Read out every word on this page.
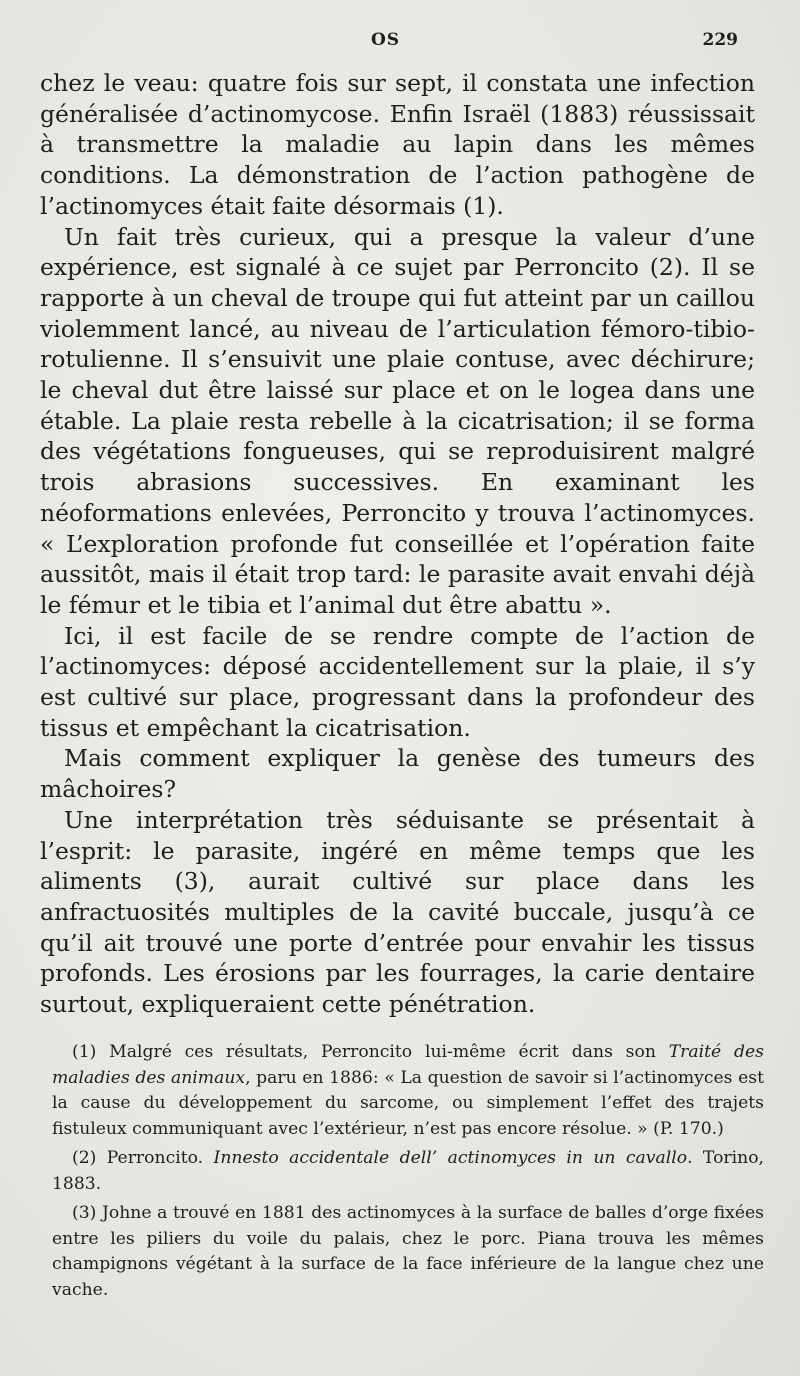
OS	229

chez le veau: quatre fois sur sept, il constata une infection généralisée d’actinomycose. Enfin Israël (1883) réussissait à transmettre la maladie au lapin dans les mêmes conditions. La démonstration de l’action pathogène de l’actinomyces était faite désormais (1).

Un fait très curieux, qui a presque la valeur d’une expérience, est signalé à ce sujet par Perroncito (2). Il se rapporte à un cheval de troupe qui fut atteint par un caillou violemment lancé, au niveau de l’articulation fémoro-tibio-rotulienne. Il s’ensuivit une plaie contuse, avec déchirure; le cheval dut être laissé sur place et on le logea dans une étable. La plaie resta rebelle à la cicatrisation; il se forma des végétations fongueuses, qui se reproduisirent malgré trois abrasions successives. En examinant les néoformations enlevées, Perroncito y trouva l’actinomyces. « L’exploration profonde fut conseillée et l’opération faite aussitôt, mais il était trop tard: le parasite avait envahi déjà le fémur et le tibia et l’animal dut être abattu ».

Ici, il est facile de se rendre compte de l’action de l’actinomyces: déposé accidentellement sur la plaie, il s’y est cultivé sur place, progressant dans la profondeur des tissus et empêchant la cicatrisation.

Mais comment expliquer la genèse des tumeurs des mâchoires?

Une interprétation très séduisante se présentait à l’esprit: le parasite, ingéré en même temps que les aliments (3), aurait cultivé sur place dans les anfractuosités multiples de la cavité buccale, jusqu’à ce qu’il ait trouvé une porte d’entrée pour envahir les tissus profonds. Les érosions par les fourrages, la carie dentaire surtout, expliqueraient cette pénétration.

(1) Malgré ces résultats, Perroncito lui-même écrit dans son Traité des maladies des animaux, paru en 1886: « La question de savoir si l’actinomyces est la cause du développement du sarcome, ou simplement l’effet des trajets fistuleux communiquant avec l’extérieur, n’est pas encore résolue. » (P. 170.)

(2) Perroncito. Innesto accidentale dell’ actinomyces in un cavallo. Torino, 1883.

(3) Johne a trouvé en 1881 des actinomyces à la surface de balles d’orge fixées entre les piliers du voile du palais, chez le porc. Piana trouva les mêmes champignons végétant à la surface de la face inférieure de la langue chez une vache.
